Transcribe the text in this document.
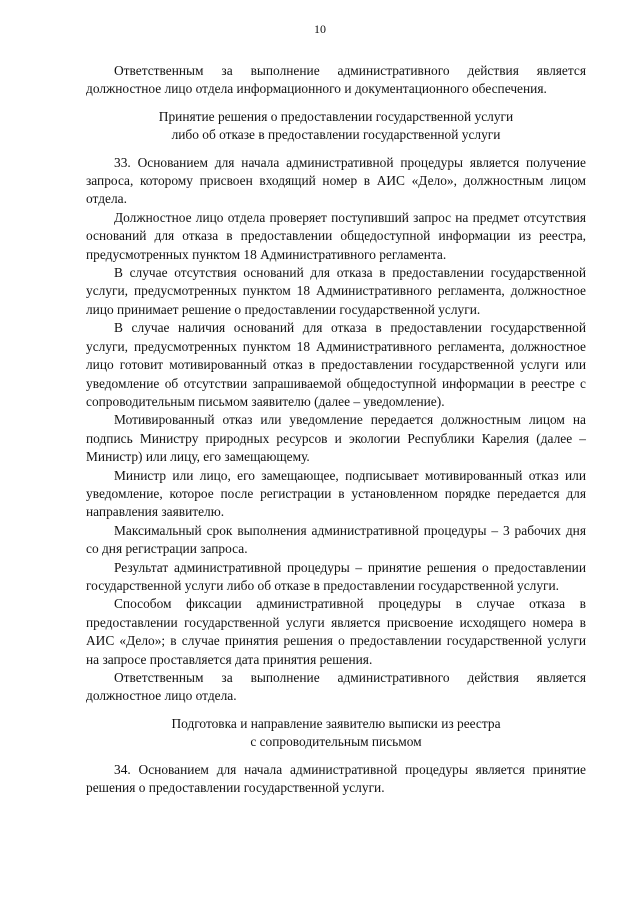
10

Ответственным за выполнение административного действия является должностное лицо отдела информационного и документационного обеспечения.

Принятие решения о предоставлении государственной услуги
либо об отказе в предоставлении государственной услуги

33. Основанием для начала административной процедуры является получение запроса, которому присвоен входящий номер в АИС «Дело», должностным лицом отдела.

Должностное лицо отдела проверяет поступивший запрос на предмет отсутствия оснований для отказа в предоставлении общедоступной информации из реестра, предусмотренных пунктом 18 Административного регламента.

В случае отсутствия оснований для отказа в предоставлении государственной услуги, предусмотренных пунктом 18 Административного регламента, должностное лицо принимает решение о предоставлении государственной услуги.

В случае наличия оснований для отказа в предоставлении государственной услуги, предусмотренных пунктом 18 Административного регламента, должностное лицо готовит мотивированный отказ в предоставлении государственной услуги или уведомление об отсутствии запрашиваемой общедоступной информации в реестре с сопроводительным письмом заявителю (далее – уведомление).

Мотивированный отказ или уведомление передается должностным лицом на подпись Министру природных ресурсов и экологии Республики Карелия (далее – Министр) или лицу, его замещающему.

Министр или лицо, его замещающее, подписывает мотивированный отказ или уведомление, которое после регистрации в установленном порядке передается для направления заявителю.

Максимальный срок выполнения административной процедуры – 3 рабочих дня со дня регистрации запроса.

Результат административной процедуры – принятие решения о предоставлении государственной услуги либо об отказе в предоставлении государственной услуги.

Способом фиксации административной процедуры в случае отказа в предоставлении государственной услуги является присвоение исходящего номера в АИС «Дело»; в случае принятия решения о предоставлении государственной услуги на запросе проставляется дата принятия решения.

Ответственным за выполнение административного действия является должностное лицо отдела.

Подготовка и направление заявителю выписки из реестра
с сопроводительным письмом

34. Основанием для начала административной процедуры является принятие решения о предоставлении государственной услуги.
